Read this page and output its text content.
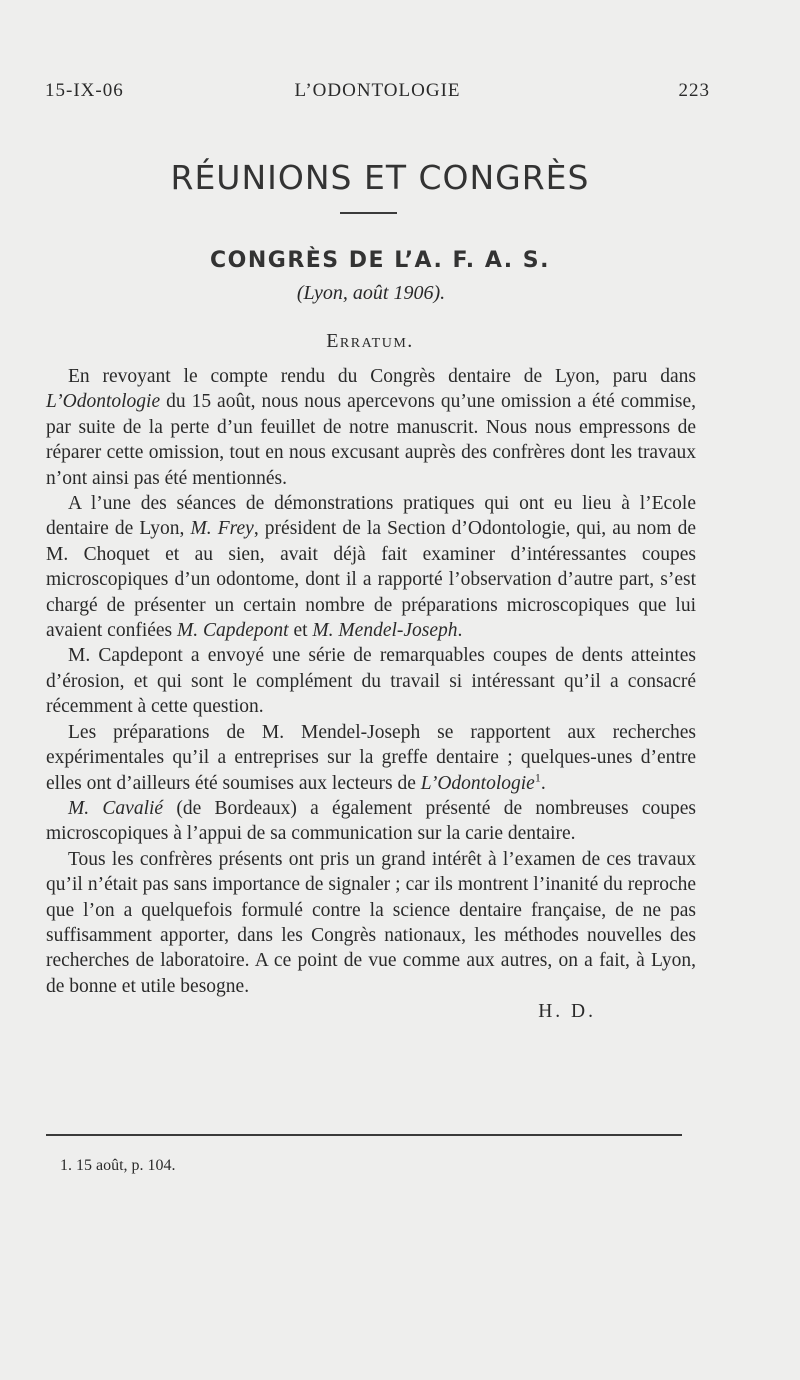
15-IX-06	L’ODONTOLOGIE	223
RÉUNIONS ET CONGRÈS
CONGRÈS DE L’A. F. A. S.
(Lyon, août 1906).
Erratum.

En revoyant le compte rendu du Congrès dentaire de Lyon, paru dans L’Odontologie du 15 août, nous nous apercevons qu’une omission a été commise, par suite de la perte d’un feuillet de notre manuscrit. Nous nous empressons de réparer cette omission, tout en nous excusant auprès des confrères dont les travaux n’ont ainsi pas été mentionnés.

A l’une des séances de démonstrations pratiques qui ont eu lieu à l’Ecole dentaire de Lyon, M. Frey, président de la Section d’Odontologie, qui, au nom de M. Choquet et au sien, avait déjà fait examiner d’intéressantes coupes microscopiques d’un odontome, dont il a rapporté l’observation d’autre part, s’est chargé de présenter un certain nombre de préparations microscopiques que lui avaient confiées M. Capdepont et M. Mendel-Joseph.

M. Capdepont a envoyé une série de remarquables coupes de dents atteintes d’érosion, et qui sont le complément du travail si intéressant qu’il a consacré récemment à cette question.

Les préparations de M. Mendel-Joseph se rapportent aux recherches expérimentales qu’il a entreprises sur la greffe dentaire ; quelques-unes d’entre elles ont d’ailleurs été soumises aux lecteurs de L’Odontologie$^1$.

M. Cavalié (de Bordeaux) a également présenté de nombreuses coupes microscopiques à l’appui de sa communication sur la carie dentaire.

Tous les confrères présents ont pris un grand intérêt à l’examen de ces travaux qu’il n’était pas sans importance de signaler ; car ils montrent l’inanité du reproche que l’on a quelquefois formulé contre la science dentaire française, de ne pas suffisamment apporter, dans les Congrès nationaux, les méthodes nouvelles des recherches de laboratoire. A ce point de vue comme aux autres, on a fait, à Lyon, de bonne et utile besogne.

H. D.
1. 15 août, p. 104.
